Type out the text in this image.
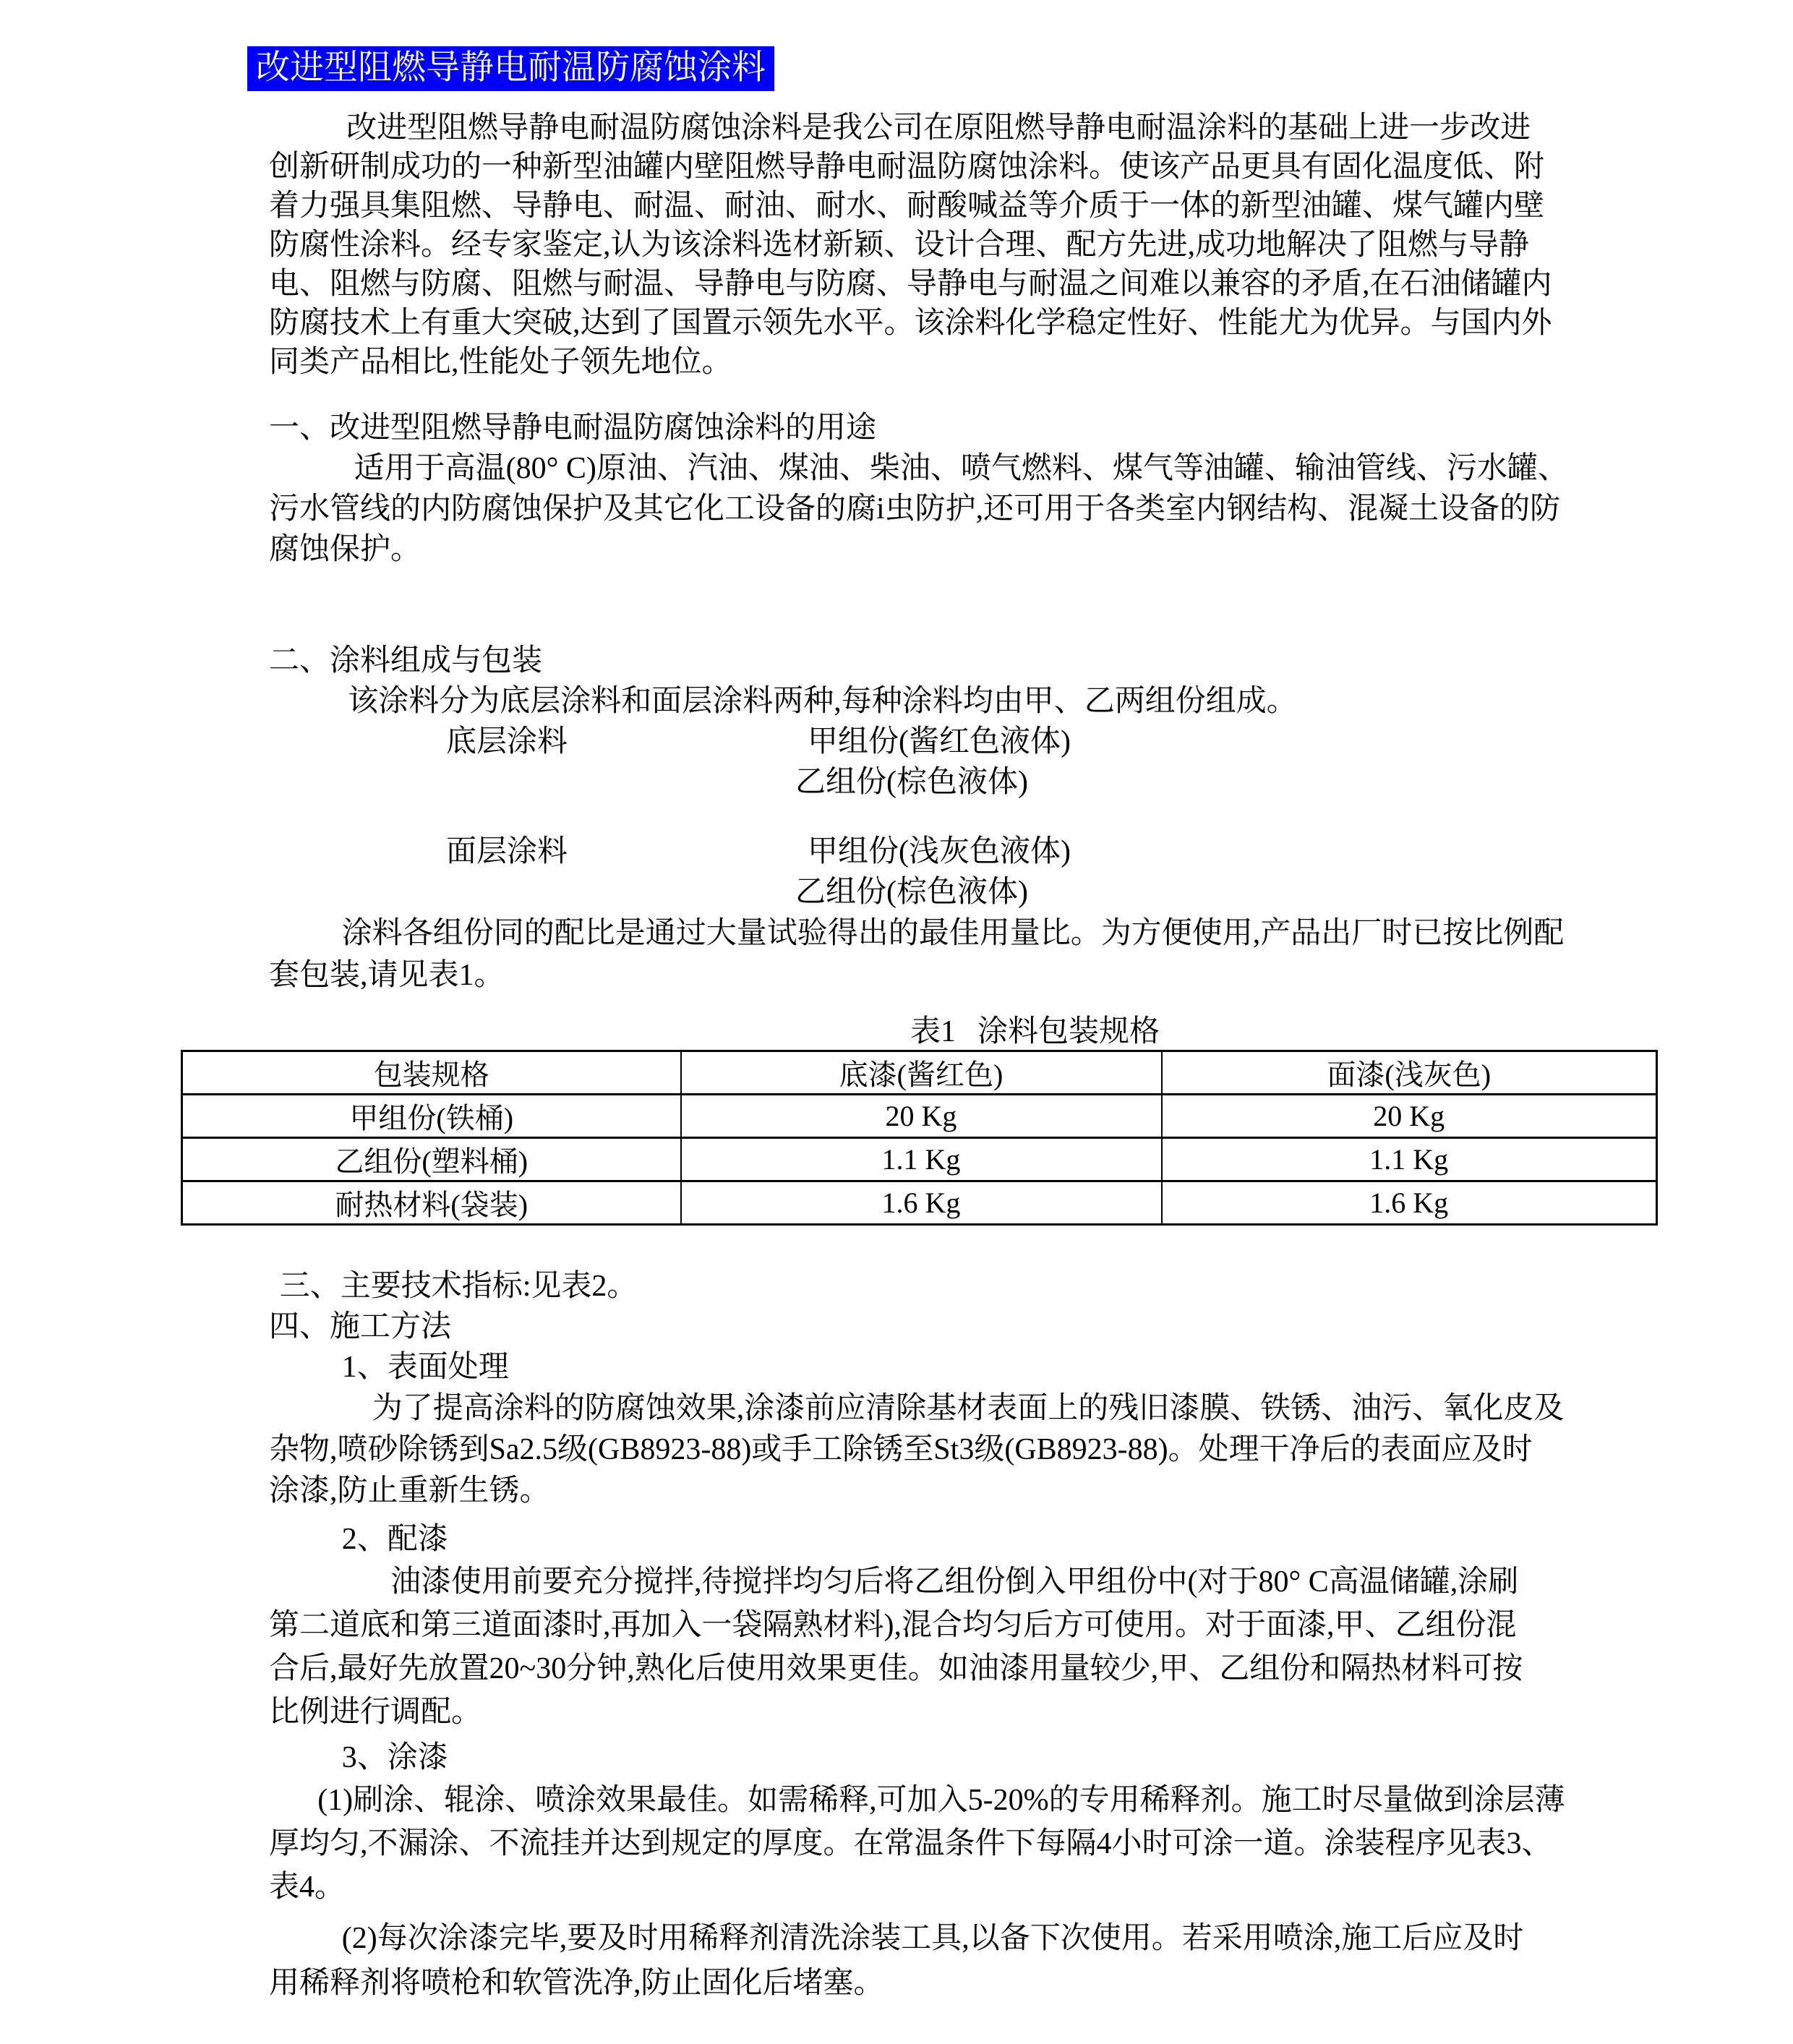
改进型阻燃导静电耐温防腐蚀涂料
改进型阻燃导静电耐温防腐蚀涂料是我公司在原阻燃导静电耐温涂料的基础上进一步改进
创新研制成功的一种新型油罐内壁阻燃导静电耐温防腐蚀涂料。使该产品更具有固化温度低、附
着力强具集阻燃、导静电、耐温、耐油、耐水、耐酸喊益等介质于一体的新型油罐、煤气罐内壁
防腐性涂料。经专家鉴定,认为该涂料选材新颖、设计合理、配方先进,成功地解决了阻燃与导静
电、阻燃与防腐、阻燃与耐温、导静电与防腐、导静电与耐温之间难以兼容的矛盾,在石油储罐内
防腐技术上有重大突破,达到了国置示领先水平。该涂料化学稳定性好、性能尤为优异。与国内外
同类产品相比,性能处子领先地位。
一、改进型阻燃导静电耐温防腐蚀涂料的用途
适用于高温(80° C)原油、汽油、煤油、柴油、喷气燃料、煤气等油罐、输油管线、污水罐、
污水管线的内防腐蚀保护及其它化工设备的腐i虫防护,还可用于各类室内钢结构、混凝土设备的防
腐蚀保护。
二、涂料组成与包装
该涂料分为底层涂料和面层涂料两种,每种涂料均由甲、乙两组份组成。
底层涂料	甲组份(酱红色液体)
乙组份(棕色液体)
面层涂料	甲组份(浅灰色液体)
乙组份(棕色液体)
涂料各组份同的配比是通过大量试验得出的最佳用量比。为方便使用,产品出厂时已按比例配
套包装,请见表1。
表1 涂料包装规格
包装规格	底漆(酱红色)	面漆(浅灰色)
甲组份(铁桶)	20 Kg	20 Kg
乙组份(塑料桶)	1.1 Kg	1.1 Kg
耐热材料(袋装)	1.6 Kg	1.6 Kg
三、主要技术指标:见表2。
四、施工方法
1、表面处理
为了提高涂料的防腐蚀效果,涂漆前应清除基材表面上的残旧漆膜、铁锈、油污、氧化皮及
杂物,喷砂除锈到Sa2.5级(GB8923-88)或手工除锈至St3级(GB8923-88)。处理干净后的表面应及时
涂漆,防止重新生锈。
2、配漆
油漆使用前要充分搅拌,待搅拌均匀后将乙组份倒入甲组份中(对于80° C高温储罐,涂刷
第二道底和第三道面漆时,再加入一袋隔熟材料),混合均匀后方可使用。对于面漆,甲、乙组份混
合后,最好先放置20~30分钟,熟化后使用效果更佳。如油漆用量较少,甲、乙组份和隔热材料可按
比例进行调配。
3、涂漆
(1)刷涂、辊涂、喷涂效果最佳。如需稀释,可加入5-20%的专用稀释剂。施工时尽量做到涂层薄
厚均匀,不漏涂、不流挂并达到规定的厚度。在常温条件下每隔4小时可涂一道。涂装程序见表3、
表4。
(2)每次涂漆完毕,要及时用稀释剂清洗涂装工具,以备下次使用。若采用喷涂,施工后应及时
用稀释剂将喷枪和软管洗净,防止固化后堵塞。
